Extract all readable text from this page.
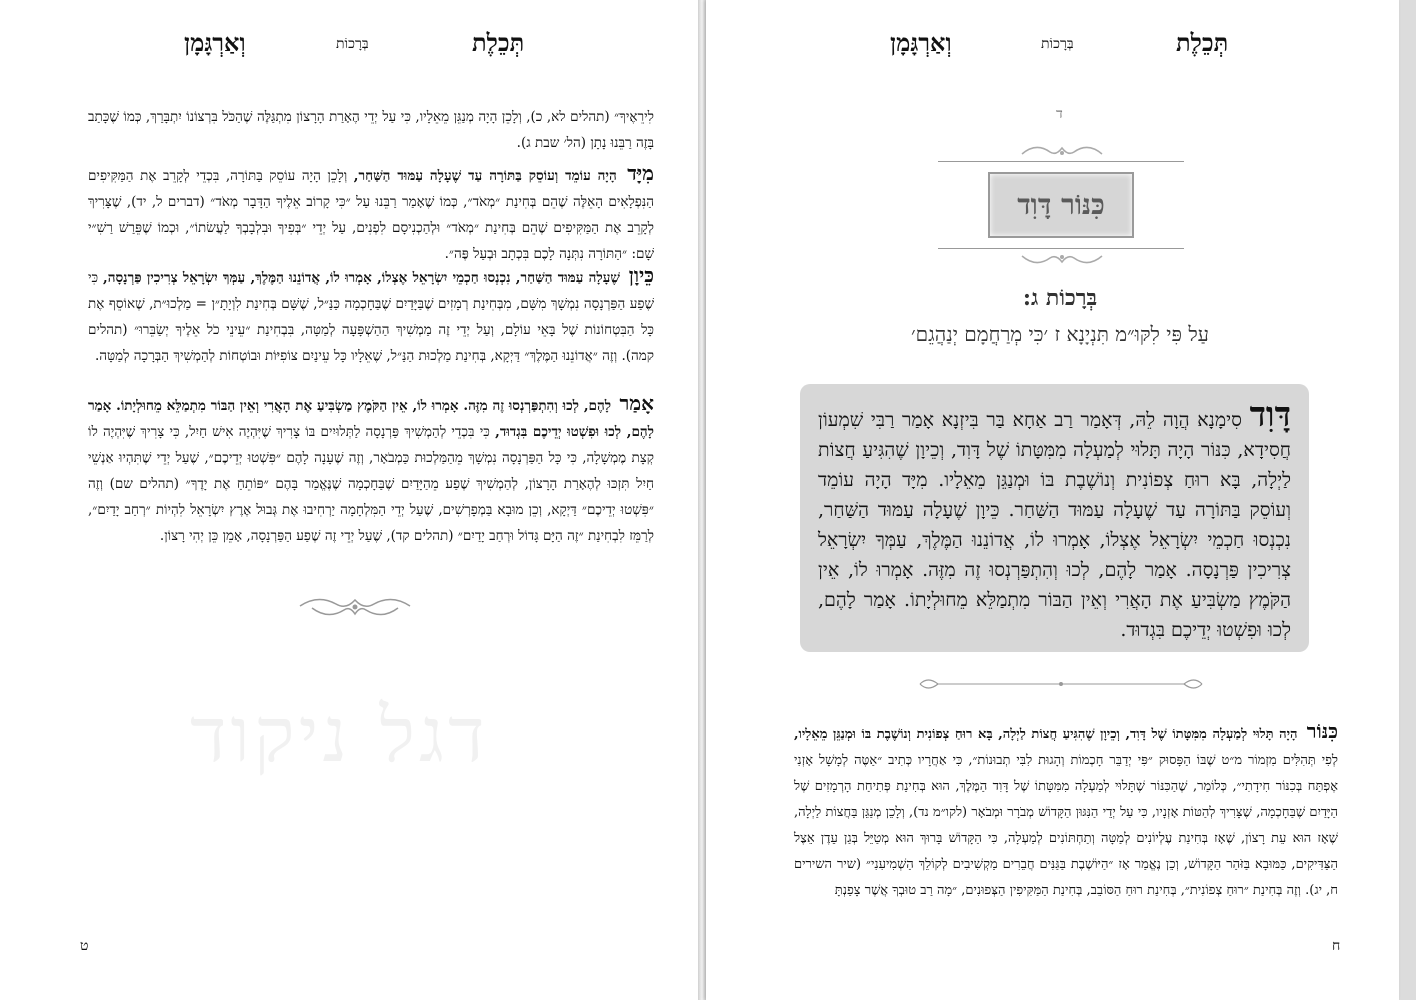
תְּכֵלֶת
בְּרָכוֹת
וְאַרְגָּמָן
לִירֵאֶיךָ״ (תהלים לא, כ), וְלָכֵן הָיָה מְנַגֵּן מֵאֵלָיו, כִּי עַל יְדֵי הֶאָרַת הָרָצוֹן מִתְגַּלֶּה שֶׁהַכֹּל בִּרְצוֹנוֹ יִתְבָּרַךְ, כְּמוֹ שֶׁכָּתַב בָּזֶה רַבֵּנוּ נָתָן (הל׳ שבת ג).
מִיָּד הָיָה עוֹמֵד וְעוֹסֵק בַּתּוֹרָה עַד שֶׁעָלָה עַמּוּד הַשַּׁחַר, וְלָכֵן הָיָה עוֹסֵק בַּתּוֹרָה, בִּכְדֵי לְקָרֵב אֶת הַמַּקִּיפִים הַנִּפְלָאִים הָאֵלֶּה שֶׁהֵם בְּחִינַת ״מְאֹד״, כְּמוֹ שֶׁאָמַר רַבֵּנוּ עַל ״כִּי קָרוֹב אֵלֶיךָ הַדָּבָר מְאֹד״ (דברים ל, יד), שֶׁצָּרִיךְ לְקָרֵב אֶת הַמַּקִּיפִים שֶׁהֵם בְּחִינַת ״מְאֹד״ וּלְהַכְנִיסָם לִפְנִים, עַל יְדֵי ״בְּפִיךָ וּבִלְבָבְךָ לַעֲשׂתוֹ״, וּכְמוֹ שֶׁפֵּרַשׁ רַשִׁ״י שָׁם: ״הַתּוֹרָה נִתְּנָה לָכֶם בִּכְתָב וּבְעַל פֶּה״.
כֵּיוָן שֶׁעָלָה עַמּוּד הַשַּׁחַר, נִכְנְסוּ חַכְמֵי יִשְׂרָאֵל אֶצְלוֹ, אָמְרוּ לוֹ, אֲדוֹנֵנוּ הַמֶּלֶךְ, עַמְּךָ יִשְׂרָאֵל צְרִיכִין פַּרְנָסָה, כִּי שֶׁפַע הַפַּרְנָסָה נִמְשָׁךְ מִשָּׁם, מִבְּחִינַת רְמָזִים שֶׁבַּיָּדַיִם שֶׁבַּחָכְמָה כַּנַּ״ל, שֶׁשָּׁם בְּחִינַת לִוְיָתָ״ן = מַלְכוּ״ת, שֶׁאוֹסֵף אֶת כָּל הַבִּטְחוֹנוֹת שֶׁל בָּאֵי עוֹלָם, וְעַל יְדֵי זֶה מַמְשִׁיךְ הַהַשְׁפָּעָה לְמַטָּה, בִּבְחִינַת ״עֵינֵי כֹל אֵלֶיךָ יְשַׂבֵּרוּ״ (תהלים קמה). וְזֶה ״אֲדוֹנֵנוּ הַמֶּלֶךְ״ דַּיְקָא, בְּחִינַת מַלְכוּת הַנַּ״ל, שֶׁאֵלָיו כָּל עֵינַיִם צוֹפִיּוֹת וּבוֹטְחוֹת לְהַמְשִׁיךְ הַבְּרָכָה לְמַטָּה.
אָמַר לָהֶם, לְכוּ וְהִתְפַּרְנְסוּ זֶה מִזֶּה. אָמְרוּ לוֹ, אֵין הַקֹּמֶץ מַשְׂבִּיעַ אֶת הָאֲרִי וְאֵין הַבּוֹר מִתְמַלֵּא מֵחוּלְיָתוֹ. אָמַר לָהֶם, לְכוּ וּפִשְׁטוּ יְדֵיכֶם בִּגְדוּד, כִּי בִּכְדֵי לְהַמְשִׁיךְ פַּרְנָסָה לַתְּלוּיִים בּוֹ צָרִיךְ שֶׁיִּהְיֶה אִישׁ חַיִל, כִּי צָרִיךְ שֶׁיִּהְיֶה לוֹ קְצָת מֶמְשָׁלָה, כִּי כָּל הַפַּרְנָסָה נִמְשָׁךְ מֵהַמַּלְכוּת כַּמְבֹאָר, וְזֶה שֶׁעָנָה לָהֶם ״פִּשְׁטוּ יְדֵיכֶם״, שֶׁעַל יְדֵי שֶׁתִּהְיוּ אַנְשֵׁי חַיִל תִּזְכּוּ לְהֶאָרַת הָרָצוֹן, לְהַמְשִׁיךְ שֶׁפַע מֵהַיָּדַיִם שֶׁבַּחָכְמָה שֶׁנֶּאֱמַר בָּהֶם ״פּוֹתֵחַ אֶת יָדֶךָ״ (תהלים שם) וְזֶה ״פִּשְׁטוּ יְדֵיכֶם״ דַּיְקָא, וְכֵן מוּבָא בַּמְפָרְשִׁים, שֶׁעַל יְדֵי הַמִּלְחָמָה יַרְחִיבוּ אֶת גְּבוּל אֶרֶץ יִשְׂרָאֵל לִהְיוֹת ״רְחַב יָדַיִם״, לְרַמֵּז לִבְחִינַת ״זֶה הַיָּם גָּדוֹל וּרְחַב יָדַיִם״ (תהלים קד), שֶׁעַל יְדֵי זֶה שֶׁפַע הַפַּרְנָסָה, אָמֵן כֵּן יְהִי רָצוֹן.
דגל ניקוד
ט
תְּכֵלֶת
בְּרָכוֹת
וְאַרְגָּמָן
ד
ח
כִּנּוֹר דָּוִד
בְּרָכוֹת ג:
עַל פִּי לִקּוּ״מ תִּנְיָנָא ז ׳כִּי מְרַחֲמָם יְנַהֲגֵם׳
דָּוִד סִימָנָא הֲוָה לֵהּ, דְּאָמַר רַב אַחָא בַּר בִּיזְנָא אָמַר רַבִּי שִׁמְעוֹן חֲסִידָא, כִּנּוֹר הָיָה תָּלוּי לְמַעְלָה מִמִּטָּתוֹ שֶׁל דָּוִד, וְכֵיוָן שֶׁהִגִּיעַ חֲצוֹת לַיְלָה, בָּא רוּחַ צְפוֹנִית וְנוֹשֶׁבֶת בּוֹ וּמְנַגֵּן מֵאֵלָיו. מִיָּד הָיָה עוֹמֵד וְעוֹסֵק בַּתּוֹרָה עַד שֶׁעָלָה עַמּוּד הַשַּׁחַר. כֵּיוָן שֶׁעָלָה עַמּוּד הַשַּׁחַר, נִכְנְסוּ חַכְמֵי יִשְׂרָאֵל אֶצְלוֹ, אָמְרוּ לוֹ, אֲדוֹנֵנוּ הַמֶּלֶךְ, עַמְּךָ יִשְׂרָאֵל צְרִיכִין פַּרְנָסָה. אָמַר לָהֶם, לְכוּ וְהִתְפַּרְנְסוּ זֶה מִזֶּה. אָמְרוּ לוֹ, אֵין הַקֹּמֶץ מַשְׂבִּיעַ אֶת הָאֲרִי וְאֵין הַבּוֹר מִתְמַלֵּא מֵחוּלְיָתוֹ. אָמַר לָהֶם, לְכוּ וּפִשְׁטוּ יְדֵיכֶם בִּגְדוּד.
כִּנּוֹר הָיָה תָּלוּי לְמַעְלָה מִמִּטָּתוֹ שֶׁל דָּוִד, וְכֵיוָן שֶׁהִגִּיעַ חֲצוֹת לַיְלָה, בָּא רוּחַ צְפוֹנִית וְנוֹשֶׁבֶת בּוֹ וּמְנַגֵּן מֵאֵלָיו, לְפִי תְּהִלִּים מִזְמוֹר מ״ט שֶׁבּוֹ הַפָּסוּק ״פִּי יְדַבֵּר חָכְמוֹת וְהָגוּת לִבִּי תְבוּנוֹת״, כִּי אַחֲרָיו כְּתִיב ״אַטֶּה לְמָשָׁל אָזְנִי אֶפְתַּח בְּכִנּוֹר חִידָתִי״, כְּלוֹמַר, שֶׁהַכִּנּוֹר שֶׁתָּלוּי לְמַעְלָה מִמִּטָּתוֹ שֶׁל דָּוִד הַמֶּלֶךְ, הוּא בְּחִינַת פְּתִיחַת הָרְמָזִים שֶׁל הַיָּדַיִם שֶׁבַּחָכְמָה, שֶׁצָּרִיךְ לְהַטּוֹת אָזְנָיו, כִּי עַל יְדֵי הַנִּגּוּן הַקָּדוֹשׁ מְבֹרָר וּמְבֹאָר (לקו״מ נד), וְלָכֵן מְנַגֵּן בַּחֲצוֹת לַיְלָה, שֶׁאָז הוּא עֵת רָצוֹן, שֶׁאָז בְּחִינַת עֶלְיוֹנִים לְמַטָּה וְתַחְתּוֹנִים לְמַעְלָה, כִּי הַקָּדוֹשׁ בָּרוּךְ הוּא מְטַיֵּל בְּגַן עֵדֶן אֵצֶל הַצַּדִּיקִים, כַּמּוּבָא בַּזֹּהַר הַקָּדוֹשׁ, וְכֵן נֶאֱמַר אָז ״הַיּוֹשֶׁבֶת בַּגַּנִּים חֲבֵרִים מַקְשִׁיבִים לְקוֹלֵךְ הַשְׁמִיעִנִי״ (שיר השירים ח, יג). וְזֶה בְּחִינַת ״רוּחַ צְפוֹנִית״, בְּחִינַת רוּחַ הַסּוֹבֵב, בְּחִינַת הַמַּקִּיפִין הַצְּפוּנִים, ״מָה רַב טוּבְךָ אֲשֶׁר צָפַנְתָּ
